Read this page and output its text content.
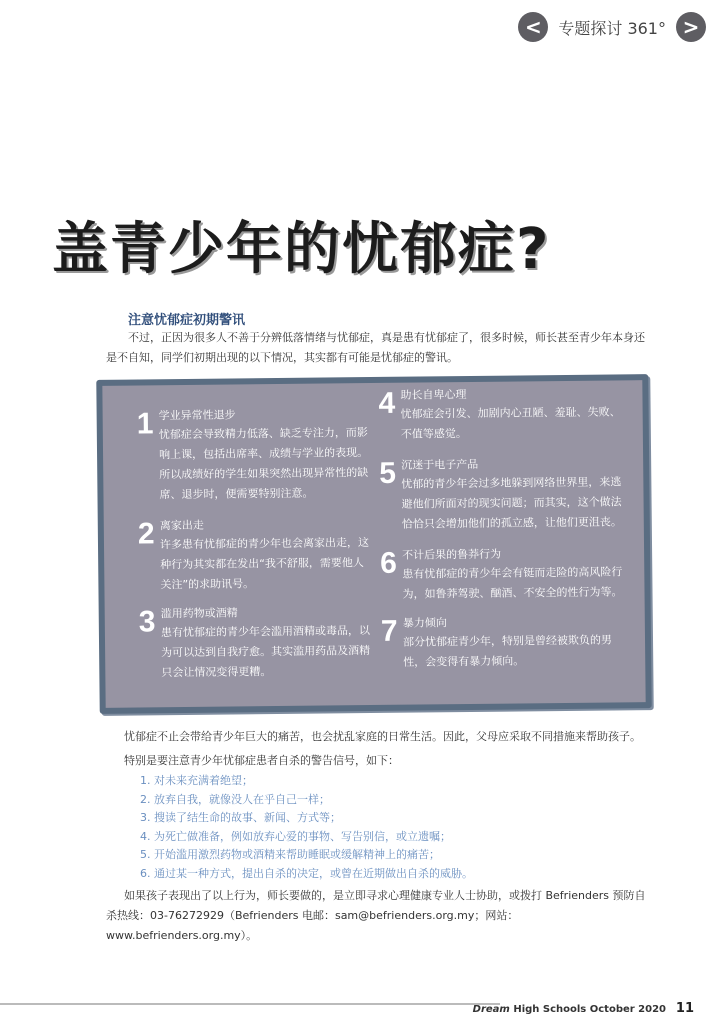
<	专题探讨 361° >
盖青少年的忧郁症?
注意忧郁症初期警讯
不过，正因为很多人不善于分辨低落情绪与忧郁症，真是患有忧郁症了，很多时候，师长甚至青少年本身还是不自知，同学们初期出现的以下情况，其实都有可能是忧郁症的警讯。
1 学业异常性退步
忧郁症会导致精力低落、缺乏专注力，而影响上课，包括出席率、成绩与学业的表现。所以成绩好的学生如果突然出现异常性的缺席、退步时，便需要特别注意。
2 离家出走
许多患有忧郁症的青少年也会离家出走，这种行为其实都在发出“我不舒服，需要他人关注”的求助讯号。
3 滥用药物或酒精
患有忧郁症的青少年会滥用酒精或毒品，以为可以达到自我疗愈。其实滥用药品及酒精只会让情况变得更糟。
4 助长自卑心理
忧郁症会引发、加剧内心丑陋、羞耻、失败、不值等感觉。
5 沉迷于电子产品
忧郁的青少年会过多地躲到网络世界里，来逃避他们所面对的现实问题；而其实，这个做法恰恰只会增加他们的孤立感，让他们更沮丧。
6 不计后果的鲁莽行为
患有忧郁症的青少年会有铤而走险的高风险行为，如鲁莽驾驶、酗酒、不安全的性行为等。
7 暴力倾向
部分忧郁症青少年，特别是曾经被欺负的男性，会变得有暴力倾向。
忧郁症不止会带给青少年巨大的痛苦，也会扰乱家庭的日常生活。因此，父母应采取不同措施来帮助孩子。
特别是要注意青少年忧郁症患者自杀的警告信号，如下：
1. 对未来充满着绝望；
2. 放弃自我，就像没人在乎自己一样；
3. 搜读了结生命的故事、新闻、方式等；
4. 为死亡做准备，例如放弃心爱的事物、写告别信，或立遗嘱；
5. 开始滥用激烈药物或酒精来帮助睡眠或缓解精神上的痛苦；
6. 通过某一种方式，提出自杀的决定，或曾在近期做出自杀的威胁。
如果孩子表现出了以上行为，师长要做的，是立即寻求心理健康专业人士协助，或拨打 Befrienders 预防自杀热线：03-76272929（Befrienders 电邮：sam@befrienders.org.my；网站：www.befrienders.org.my）。
Dream High Schools October 2020 11
